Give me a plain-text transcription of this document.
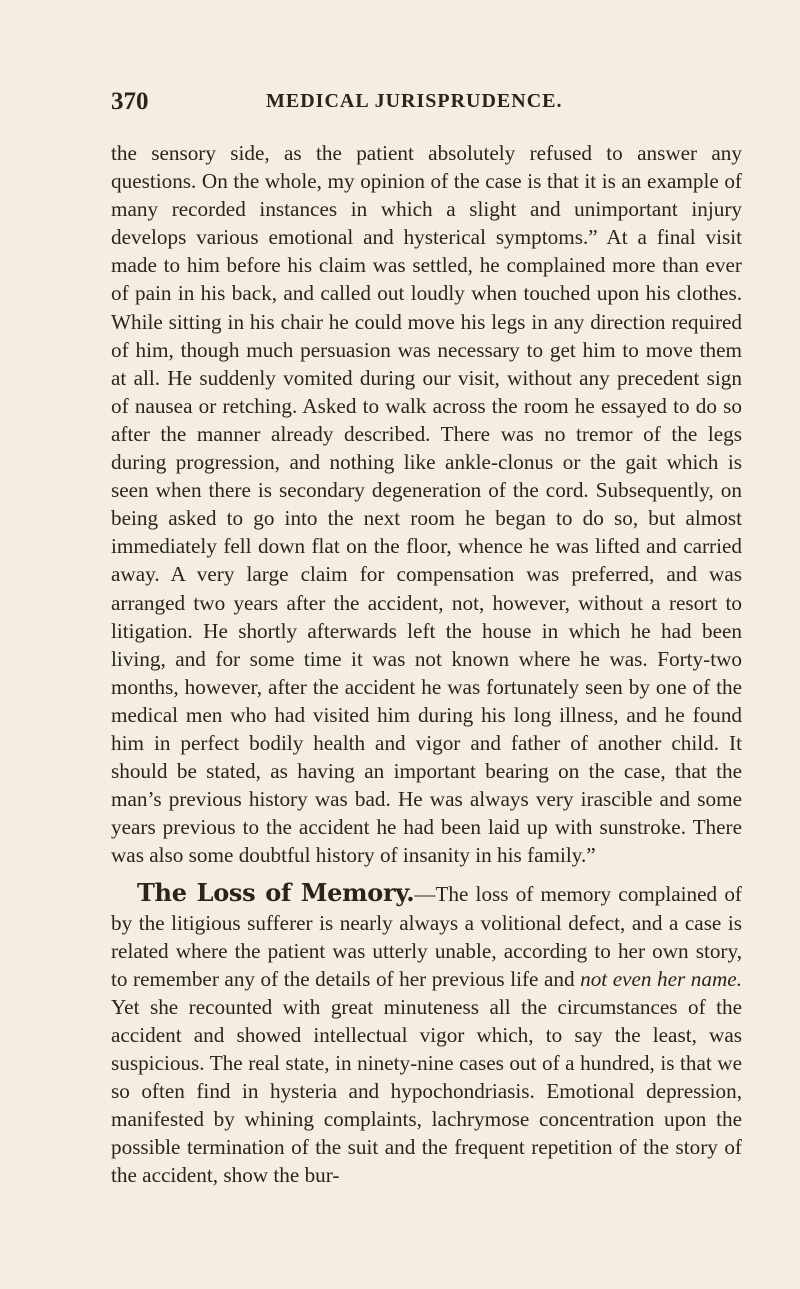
370	MEDICAL JURISPRUDENCE.

the sensory side, as the patient absolutely refused to answer any questions. On the whole, my opinion of the case is that it is an example of many recorded instances in which a slight and unimportant injury develops various emotional and hysterical symptoms.” At a final visit made to him before his claim was settled, he complained more than ever of pain in his back, and called out loudly when touched upon his clothes. While sitting in his chair he could move his legs in any direction required of him, though much persuasion was necessary to get him to move them at all. He suddenly vomited during our visit, without any precedent sign of nausea or retching. Asked to walk across the room he essayed to do so after the manner already described. There was no tremor of the legs during progression, and nothing like ankle-clonus or the gait which is seen when there is secondary degeneration of the cord. Subsequently, on being asked to go into the next room he began to do so, but almost immediately fell down flat on the floor, whence he was lifted and carried away. A very large claim for compensation was preferred, and was arranged two years after the accident, not, however, without a resort to litigation. He shortly afterwards left the house in which he had been living, and for some time it was not known where he was. Forty-two months, however, after the accident he was fortunately seen by one of the medical men who had visited him during his long illness, and he found him in perfect bodily health and vigor and father of another child. It should be stated, as having an important bearing on the case, that the man’s previous history was bad. He was always very irascible and some years previous to the accident he had been laid up with sunstroke. There was also some doubtful history of insanity in his family.”

The Loss of Memory.—The loss of memory complained of by the litigious sufferer is nearly always a volitional defect, and a case is related where the patient was utterly unable, according to her own story, to remember any of the details of her previous life and not even her name. Yet she recounted with great minuteness all the circumstances of the accident and showed intellectual vigor which, to say the least, was suspicious. The real state, in ninety-nine cases out of a hundred, is that we so often find in hysteria and hypochondriasis. Emotional depression, manifested by whining complaints, lachrymose concentration upon the possible termination of the suit and the frequent repetition of the story of the accident, show the bur-
